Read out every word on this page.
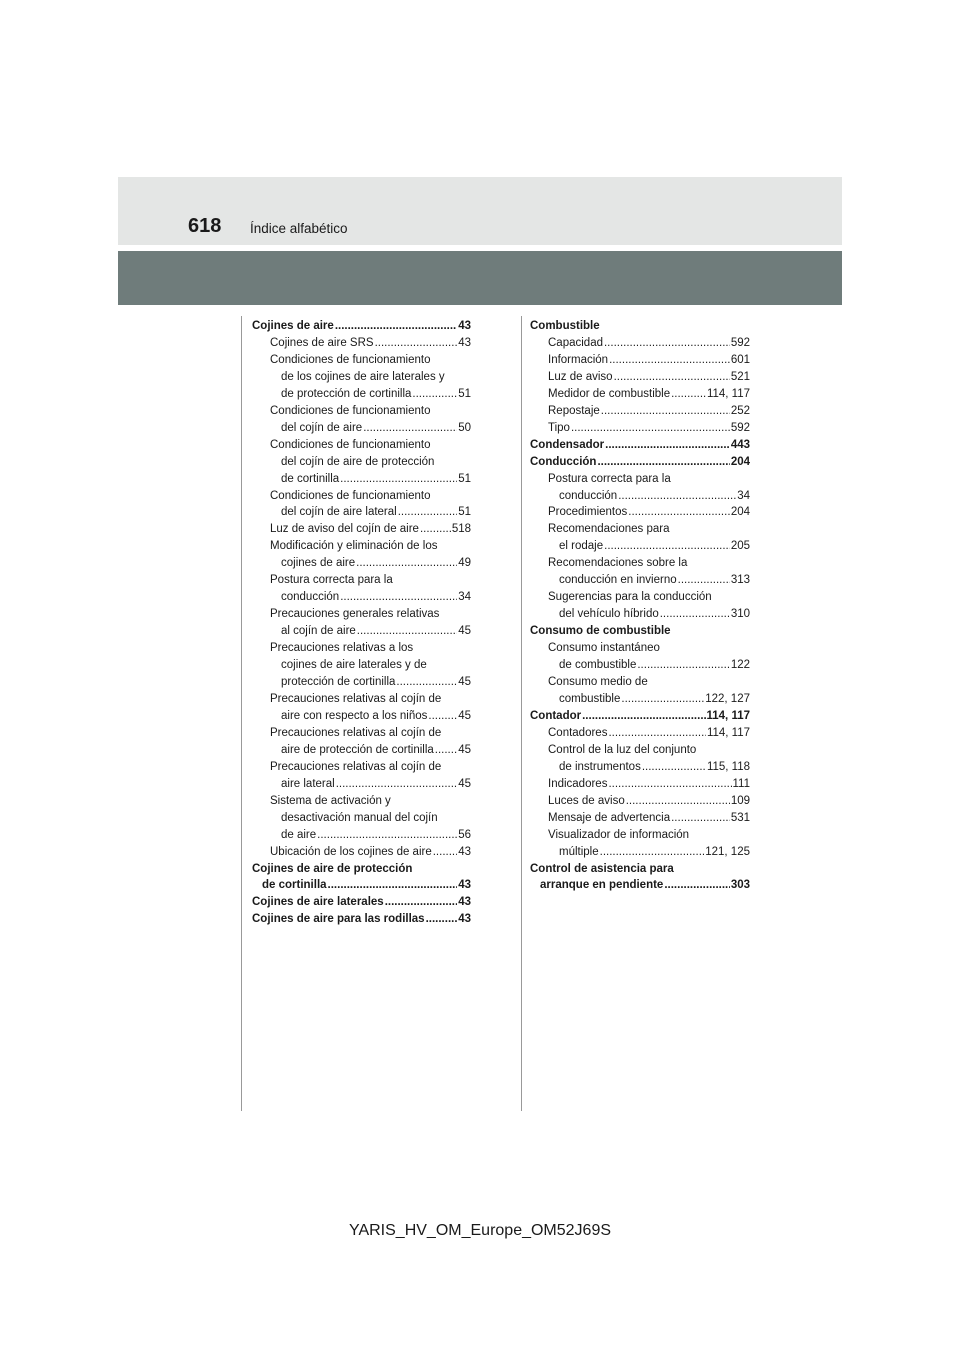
618 Índice alfabético
Cojines de aire .....	43
Cojines de aire SRS .....	43
Condiciones de funcionamiento
de los cojines de aire laterales y
de protección de cortinilla .....	51
Condiciones de funcionamiento
del cojín de aire .....	50
Condiciones de funcionamiento
del cojín de aire de protección
de cortinilla .....	51
Condiciones de funcionamiento
del cojín de aire lateral .....	51
Luz de aviso del cojín de aire .....	518
Modificación y eliminación de los
cojines de aire .....	49
Postura correcta para la
conducción .....	34
Precauciones generales relativas
al cojín de aire .....	45
Precauciones relativas a los
cojines de aire laterales y de
protección de cortinilla .....	45
Precauciones relativas al cojín de
aire con respecto a los niños .....	45
Precauciones relativas al cojín de
aire de protección de cortinilla ..... 45
Precauciones relativas al cojín de
aire lateral .....	45
Sistema de activación y
desactivación manual del cojín
de aire .....	56
Ubicación de los cojines de aire ..... 43
Cojines de aire de protección
de cortinilla .....	43
Cojines de aire laterales .....	43
Cojines de aire para las rodillas .....	43
Combustible
Capacidad .....	592
Información .....	601
Luz de aviso .....	521
Medidor de combustible .....	114, 117
Repostaje .....	252
Tipo .....	592
Condensador .....	443
Conducción .....	204
Postura correcta para la
conducción .....	34
Procedimientos .....	204
Recomendaciones para
el rodaje .....	205
Recomendaciones sobre la
conducción en invierno .....	313
Sugerencias para la conducción
del vehículo híbrido .....	310
Consumo de combustible
Consumo instantáneo
de combustible .....	122
Consumo medio de
combustible .....	122, 127
Contador .....	114, 117
Contadores .....	114, 117
Control de la luz del conjunto
de instrumentos .....	115, 118
Indicadores .....	111
Luces de aviso .....	109
Mensaje de advertencia .....	531
Visualizador de información
múltiple .....	121, 125
Control de asistencia para
arranque en pendiente .....	303
YARIS_HV_OM_Europe_OM52J69S
